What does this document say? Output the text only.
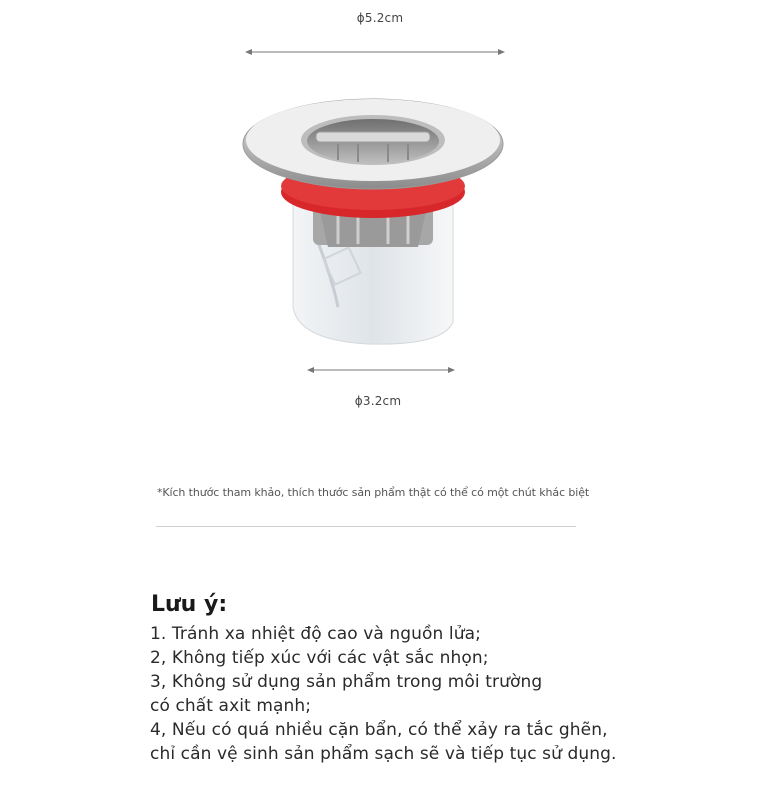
ϕ5.2cm
ϕ3.2cm
*Kích thước tham khảo, thích thước sản phẩm thật có thể có một chút khác biệt
Lưu ý:
1. Tránh xa nhiệt độ cao và nguồn lửa;
2, Không tiếp xúc với các vật sắc nhọn;
3, Không sử dụng sản phẩm trong môi trường
có chất axit mạnh;
4, Nếu có quá nhiều cặn bẩn, có thể xảy ra tắc ghẽn,
chỉ cần vệ sinh sản phẩm sạch sẽ và tiếp tục sử dụng.
